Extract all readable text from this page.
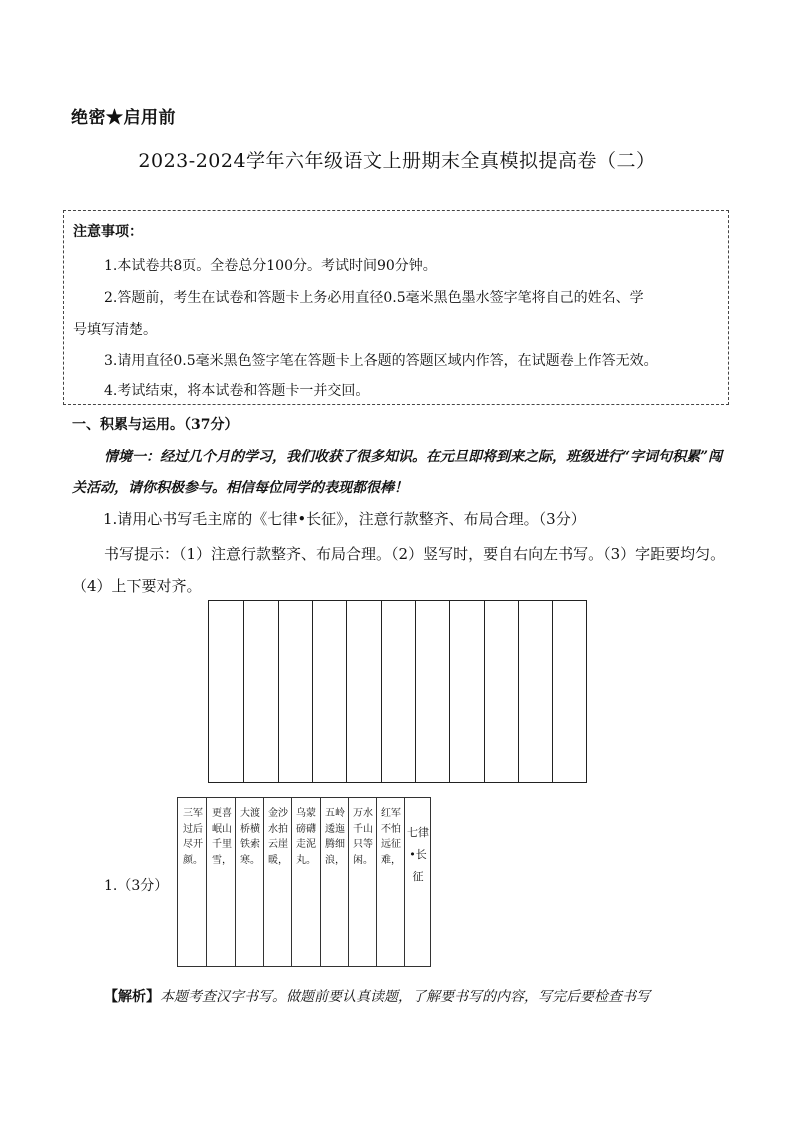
绝密★启用前
2023-2024学年六年级语文上册期末全真模拟提高卷（二）
注意事项：
1.本试卷共8页。全卷总分100分。考试时间90分钟。
2.答题前，考生在试卷和答题卡上务必用直径0.5毫米黑色墨水签字笔将自己的姓名、学
号填写清楚。
3.请用直径0.5毫米黑色签字笔在答题卡上各题的答题区域内作答，在试题卷上作答无效。
4.考试结束，将本试卷和答题卡一并交回。
一、积累与运用。（37分）
情境一：经过几个月的学习，我们收获了很多知识。在元旦即将到来之际，班级进行“字词句积累”闯关活动，请你积极参与。相信每位同学的表现都很棒！
1.请用心书写毛主席的《七律•长征》，注意行款整齐、布局合理。（3分）
书写提示：（1）注意行款整齐、布局合理。（2）竖写时，要自右向左书写。（3）字距要均匀。（4）上下要对齐。
1.（3分）
三军过后尽开颜。
更喜岷山千里雪，
大渡桥横铁索寒。
金沙水拍云崖暖，
乌蒙磅礴走泥丸。
五岭逶迤腾细浪，
万水千山只等闲。
红军不怕远征难，
七律•长征
【解析】本题考查汉字书写。做题前要认真读题，了解要书写的内容，写完后要检查书写
